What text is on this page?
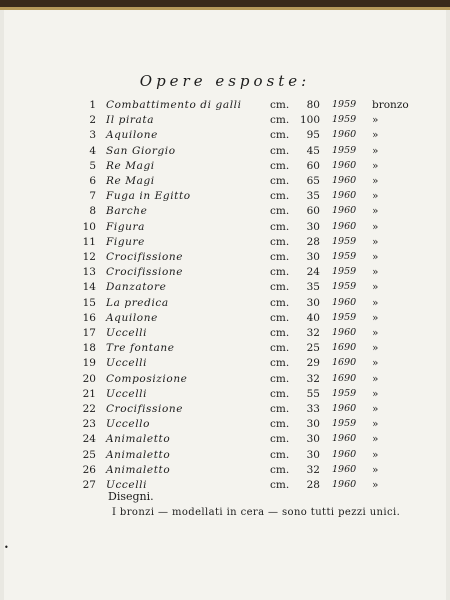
Opere esposte:
1 Combattimento di galli	cm.	80 1959 bronzo
2 Il pirata	cm.	100 1959 »
3 Aquilone	cm.	95 1960 »
4 San Giorgio	cm.	45 1959 »
5 Re Magi	cm.	60 1960 »
6 Re Magi	cm.	65 1960 »
7 Fuga in Egitto	cm.	35 1960 »
8 Barche	cm.	60 1960 »
10 Figura	cm.	30 1960 »
11 Figure	cm.	28 1959 »
12 Crocifissione	cm.	30 1959 »
13 Crocifissione	cm.	24 1959 »
14 Danzatore	cm.	35 1959 »
15 La predica	cm.	30 1960 »
16 Aquilone	cm.	40 1959 »
17 Uccelli	cm.	32 1960 »
18 Tre fontane	cm.	25 1690 »
19 Uccelli	cm.	29 1690 »
20 Composizione	cm.	32 1690 »
21 Uccelli	cm.	55 1959 »
22 Crocifissione	cm.	33 1960 »
23 Uccello	cm.	30 1959 »
24 Animaletto	cm.	30 1960 »
25 Animaletto	cm.	30 1960 »
26 Animaletto	cm.	32 1960 »
27 Uccelli	cm.	28 1960 »
Disegni.
I bronzi — modellati in cera — sono tutti pezzi unici.
•
